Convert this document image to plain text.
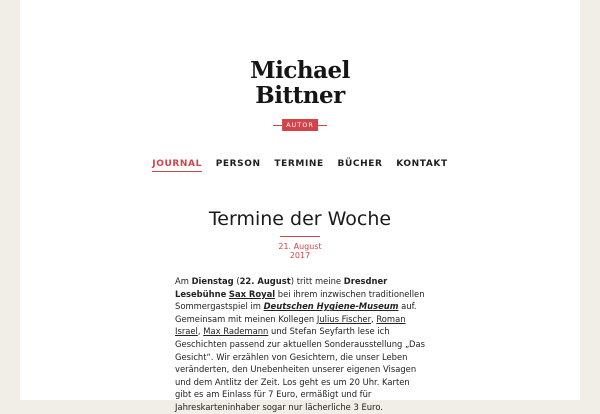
Michael
Bittner
AUTOR
JOURNAL PERSON TERMINE BÜCHER KONTAKT
Termine der Woche
21. August
2017

Am Dienstag (22. August) tritt meine Dresdner Lesebühne Sax Royal bei ihrem inzwischen traditionellen Sommergastspiel im Deutschen Hygiene-Museum auf. Gemeinsam mit meinen Kollegen Julius Fischer, Roman Israel, Max Rademann und Stefan Seyfarth lese ich Geschichten passend zur aktuellen Sonderausstellung „Das Gesicht“. Wir erzählen von Gesichtern, die unser Leben veränderten, den Unebenheiten unserer eigenen Visagen und dem Antlitz der Zeit. Los geht es um 20 Uhr. Karten gibt es am Einlass für 7 Euro, ermäßigt und für Jahreskarteninhaber sogar nur lächerliche 3 Euro.
